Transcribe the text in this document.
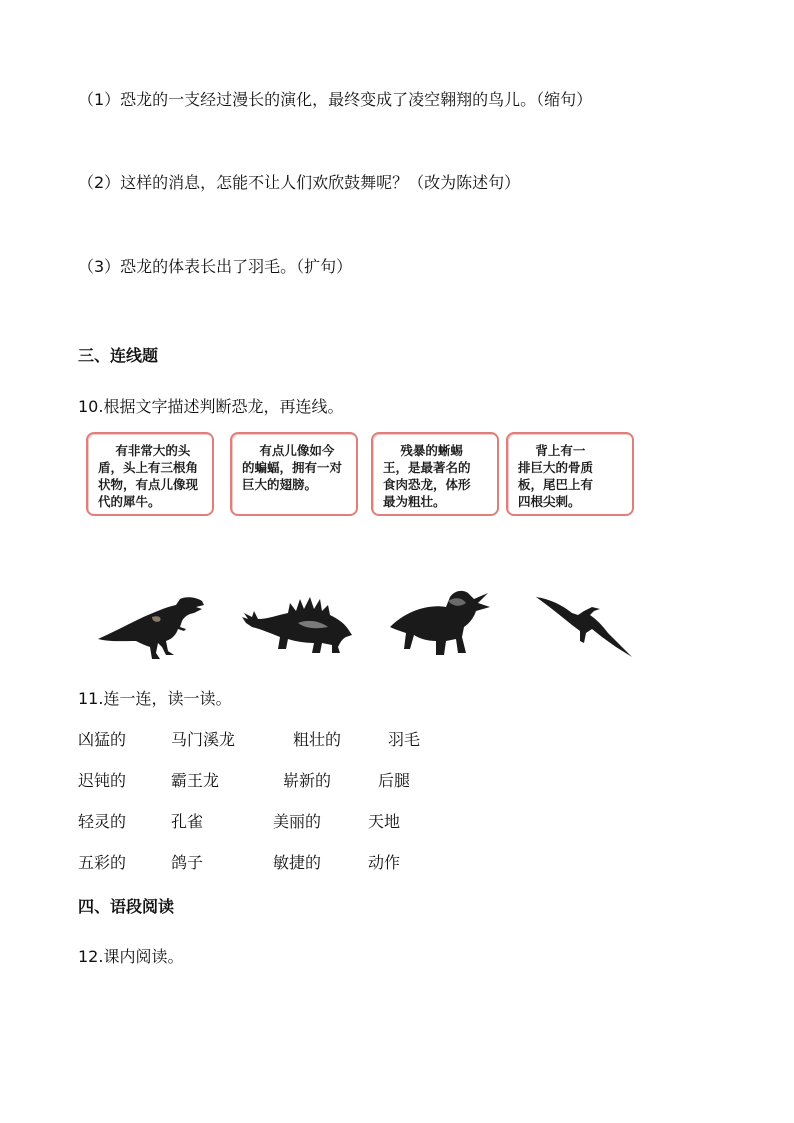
（1）恐龙的一支经过漫长的演化，最终变成了凌空翱翔的鸟儿。（缩句）
（2）这样的消息，怎能不让人们欢欣鼓舞呢？（改为陈述句）
（3）恐龙的体表长出了羽毛。（扩句）
三、连线题
10.根据文字描述判断恐龙，再连线。
有非常大的头
盾，头上有三根角
状物，有点儿像现
代的犀牛。
有点儿像如今
的蝙蝠，拥有一对
巨大的翅膀。
残暴的蜥蜴
王，是最著名的
食肉恐龙，体形
最为粗壮。
背上有一
排巨大的骨质
板，尾巴上有
四根尖刺。
11.连一连，读一读。
凶猛的	马门溪龙	粗壮的	羽毛
迟钝的	霸王龙	崭新的	后腿
轻灵的	孔雀	美丽的	天地
五彩的	鸽子	敏捷的	动作
四、语段阅读
12.课内阅读。
